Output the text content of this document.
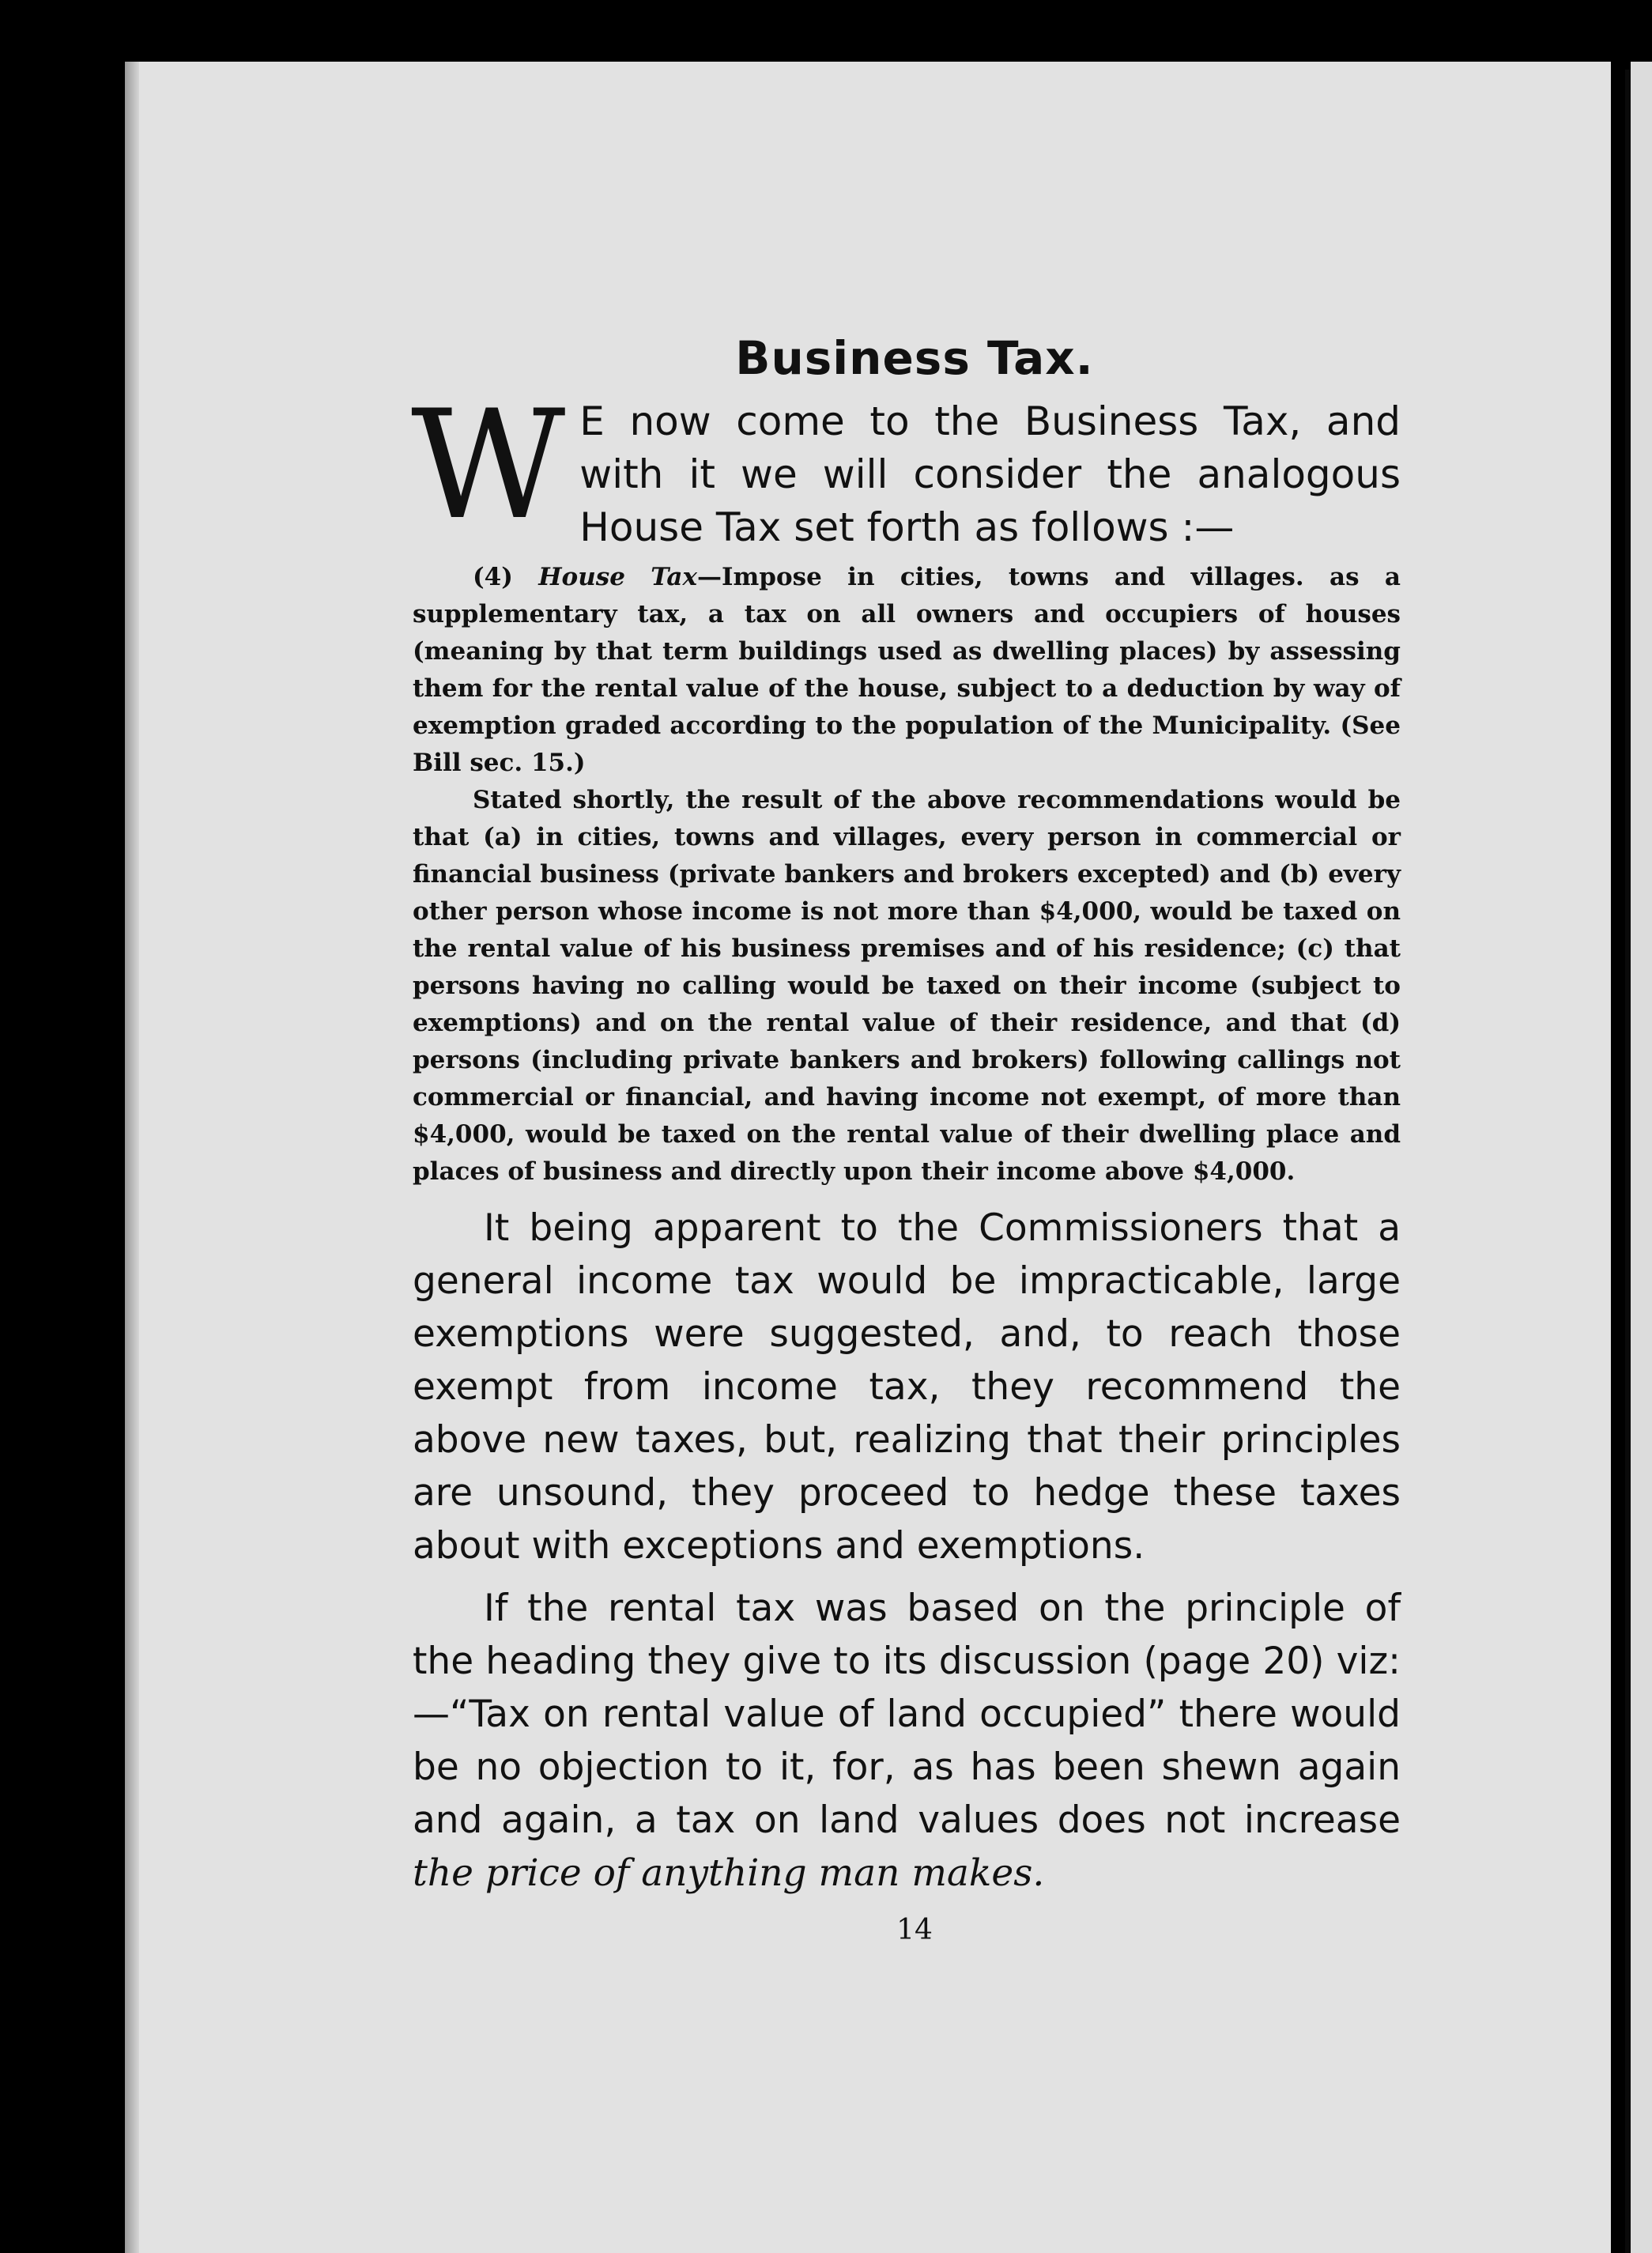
Business Tax.

W E now come to the Business Tax, and with it we will consider the analogous House Tax set forth as follows :—

(4) House Tax—Impose in cities, towns and villages. as a supplementary tax, a tax on all owners and occupiers of houses (meaning by that term buildings used as dwelling places) by assessing them for the rental value of the house, subject to a deduction by way of exemption graded according to the population of the Municipality. (See Bill sec. 15.)

Stated shortly, the result of the above recommendations would be that (a) in cities, towns and villages, every person in commercial or financial business (private bankers and brokers excepted) and (b) every other person whose income is not more than $4,000, would be taxed on the rental value of his business premises and of his residence; (c) that persons having no calling would be taxed on their income (subject to exemptions) and on the rental value of their residence, and that (d) persons (including private bankers and brokers) following callings not commercial or financial, and having income not exempt, of more than $4,000, would be taxed on the rental value of their dwelling place and places of business and directly upon their income above $4,000.

It being apparent to the Commissioners that a general income tax would be impracticable, large exemptions were suggested, and, to reach those exempt from income tax, they recommend the above new taxes, but, realizing that their principles are unsound, they proceed to hedge these taxes about with exceptions and exemptions.

If the rental tax was based on the principle of the heading they give to its discussion (page 20) viz:—“Tax on rental value of land occupied” there would be no objection to it, for, as has been shewn again and again, a tax on land values does not increase the price of anything man makes.

14
